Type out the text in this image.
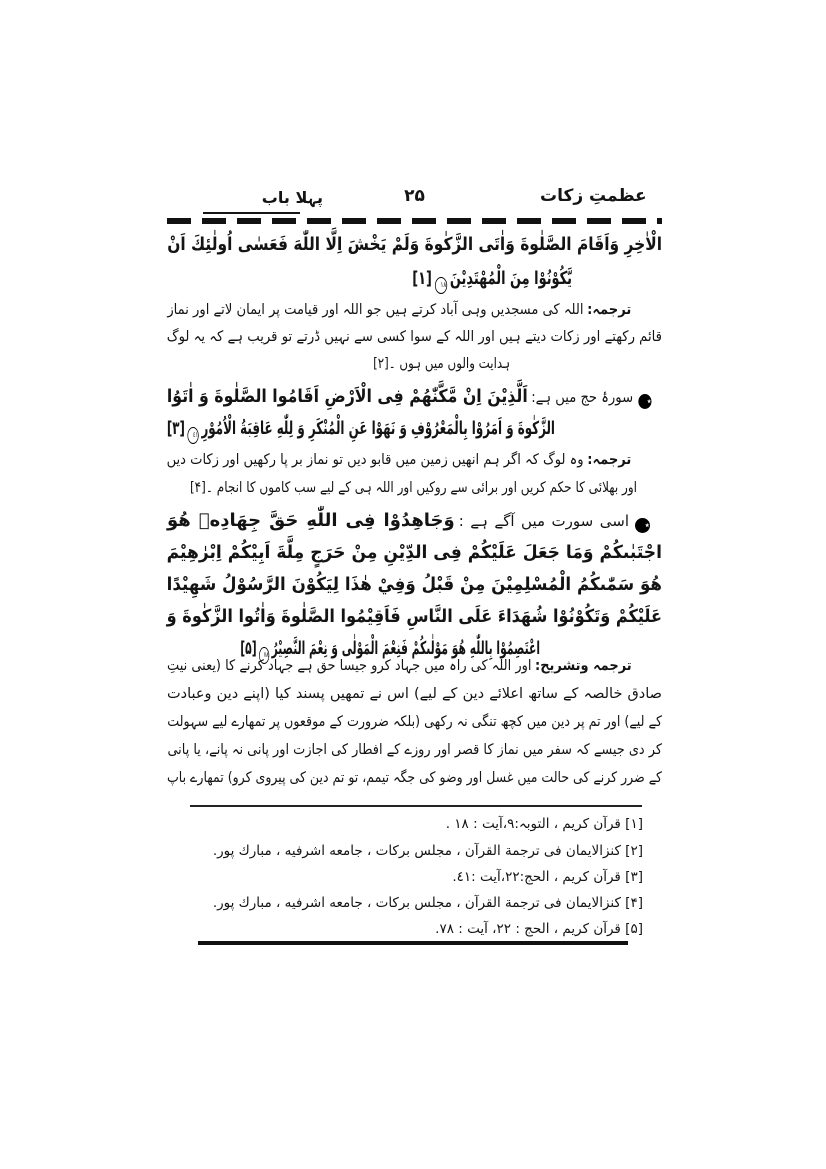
عظمتِ زکات
۲۵
پہلا باب
الْاٰخِرِ وَاَقَامَ الصَّلٰوةَ وَاٰتَى الزَّكٰوةَ وَلَمْ يَخْشَ اِلَّا اللّٰهَ فَعَسٰى اُولٰئِكَ اَنْ
يَّكُوْنُوْا مِنَ الْمُهْتَدِيْنَ١٨[۱]
ترجمہ:اللہ کی مسجدیں وہی آباد کرتے ہیں جو اللہ اور قیامت پر ایمان لاتے اور نماز
قائم رکھتے اور زکات دیتے ہیں اور اللہ کے سوا کسی سے نہیں ڈرتے تو قریب ہے کہ یہ لوگ
ہدایت والوں میں ہوں ۔[۲]
٭سورۂ حج میں ہے:اَلَّذِيْنَ اِنْ مَّكَّنّٰهُمْ فِى الْاَرْضِ اَقَامُوا الصَّلٰوةَ وَ اٰتَوُا
الزَّكٰوةَ وَ اَمَرُوْا بِالْمَعْرُوْفِ وَ نَهَوْا عَنِ الْمُنْكَرِ وَ لِلّٰهِ عَاقِبَةُ الْاُمُوْرِ٤١[۳]
ترجمہ:وہ لوگ کہ اگر ہم انھیں زمین میں قابو دیں تو نماز بر پا رکھیں اور زکات دیں
اور بھلائی کا حکم کریں اور برائی سے روکیں اور اللہ ہی کے لیے سب کاموں کا انجام ۔[۴]
٭اسی سورت میں آگے ہے :وَجَاهِدُوْا فِى اللّٰهِ حَقَّ جِهَادِهٖ هُوَ
اجْتَبٰىكُمْ وَمَا جَعَلَ عَلَيْكُمْ فِى الدِّيْنِ مِنْ حَرَجٍ مِلَّةَ اَبِيْكُمْ اِبْرٰهِيْمَ
هُوَ سَمّٰىكُمُ الْمُسْلِمِيْنَ مِنْ قَبْلُ وَفِيْ هٰذَا لِيَكُوْنَ الرَّسُوْلُ شَهِيْدًا
عَلَيْكُمْ وَتَكُوْنُوْا شُهَدَاءَ عَلَى النَّاسِ فَاَقِيْمُوا الصَّلٰوةَ وَاٰتُوا الزَّكٰوةَ وَ
اعْتَصِمُوْا بِاللّٰهِ هُوَ مَوْلٰىكُمْ فَنِعْمَ الْمَوْلٰى وَ نِعْمَ النَّصِيْرُ٧٨[۵]
ترجمہ وتشریح:اور اللہ کی راہ میں جہاد کرو جیسا حق ہے جہاد کرنے کا (یعنی نیتِ
صادق خالصہ کے ساتھ اعلائے دین کے لیے) اس نے تمھیں پسند کیا (اپنے دین وعبادت
کے لیے) اور تم پر دین میں کچھ تنگی نہ رکھی (بلکہ ضرورت کے موقعوں پر تمھارے لیے سہولت
کر دی جیسے کہ سفر میں نماز کا قصر اور روزے کے افطار کی اجازت اور پانی نہ پانے، یا پانی
کے ضرر کرنے کی حالت میں غسل اور وضو کی جگہ تیمم، تو تم دین کی پیروی کرو) تمھارے باپ
[۱] قرآن کریم ، التوبہ:۹،آیت : ۱۸ .
[۲] کنزالایمان فی ترجمة القرآن ، مجلس برکات ، جامعه اشرفیه ، مبارك پور.
[۳] قرآن کریم ، الحج:۲۲،آیت :٤۱.
[۴] کنزالایمان فی ترجمة القرآن ، مجلس برکات ، جامعه اشرفیه ، مبارك پور.
[۵] قرآن کریم ، الحج : ۲۲، آیت : ۷۸.
